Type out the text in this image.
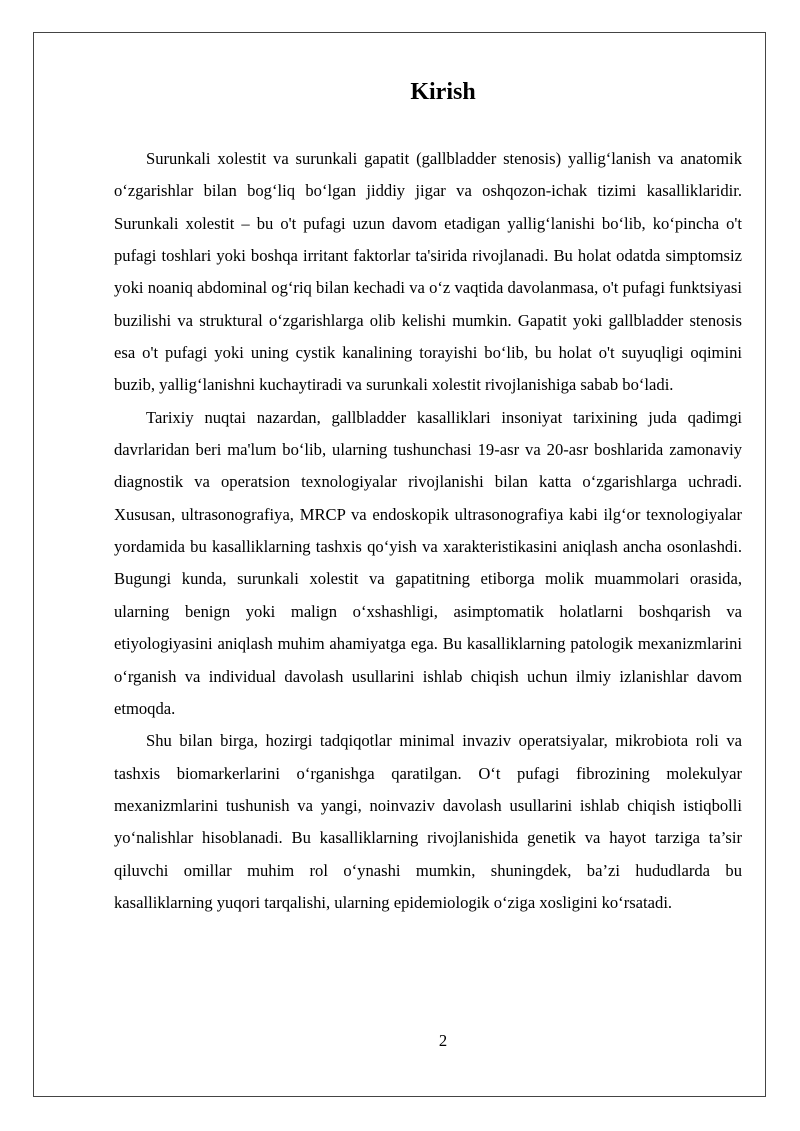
Kirish

Surunkali xolestit va surunkali gapatit (gallbladder stenosis) yallig‘lanish va anatomik o‘zgarishlar bilan bog‘liq bo‘lgan jiddiy jigar va oshqozon-ichak tizimi kasalliklaridir. Surunkali xolestit – bu o't pufagi uzun davom etadigan yallig‘lanishi bo‘lib, ko‘pincha o't pufagi toshlari yoki boshqa irritant faktorlar ta'sirida rivojlanadi. Bu holat odatda simptomsiz yoki noaniq abdominal og‘riq bilan kechadi va o‘z vaqtida davolanmasa, o't pufagi funktsiyasi buzilishi va struktural o‘zgarishlarga olib kelishi mumkin. Gapatit yoki gallbladder stenosis esa o't pufagi yoki uning cystik kanalining torayishi bo‘lib, bu holat o't suyuqligi oqimini buzib, yallig‘lanishni kuchaytiradi va surunkali xolestit rivojlanishiga sabab bo‘ladi.

Tarixiy nuqtai nazardan, gallbladder kasalliklari insoniyat tarixining juda qadimgi davrlaridan beri ma'lum bo‘lib, ularning tushunchasi 19-asr va 20-asr boshlarida zamonaviy diagnostik va operatsion texnologiyalar rivojlanishi bilan katta o‘zgarishlarga uchradi. Xususan, ultrasonografiya, MRCP va endoskopik ultrasonografiya kabi ilg‘or texnologiyalar yordamida bu kasalliklarning tashxis qo‘yish va xarakteristikasini aniqlash ancha osonlashdi. Bugungi kunda, surunkali xolestit va gapatitning etiborga molik muammolari orasida, ularning benign yoki malign o‘xshashligi, asimptomatik holatlarni boshqarish va etiyologiyasini aniqlash muhim ahamiyatga ega. Bu kasalliklarning patologik mexanizmlarini o‘rganish va individual davolash usullarini ishlab chiqish uchun ilmiy izlanishlar davom etmoqda.

Shu bilan birga, hozirgi tadqiqotlar minimal invaziv operatsiyalar, mikrobiota roli va tashxis biomarkerlarini o‘rganishga qaratilgan. O‘t pufagi fibrozining molekulyar mexanizmlarini tushunish va yangi, noinvaziv davolash usullarini ishlab chiqish istiqbolli yo‘nalishlar hisoblanadi. Bu kasalliklarning rivojlanishida genetik va hayot tarziga ta’sir qiluvchi omillar muhim rol o‘ynashi mumkin, shuningdek, ba’zi hududlarda bu kasalliklarning yuqori tarqalishi, ularning epidemiologik o‘ziga xosligini ko‘rsatadi.

2
